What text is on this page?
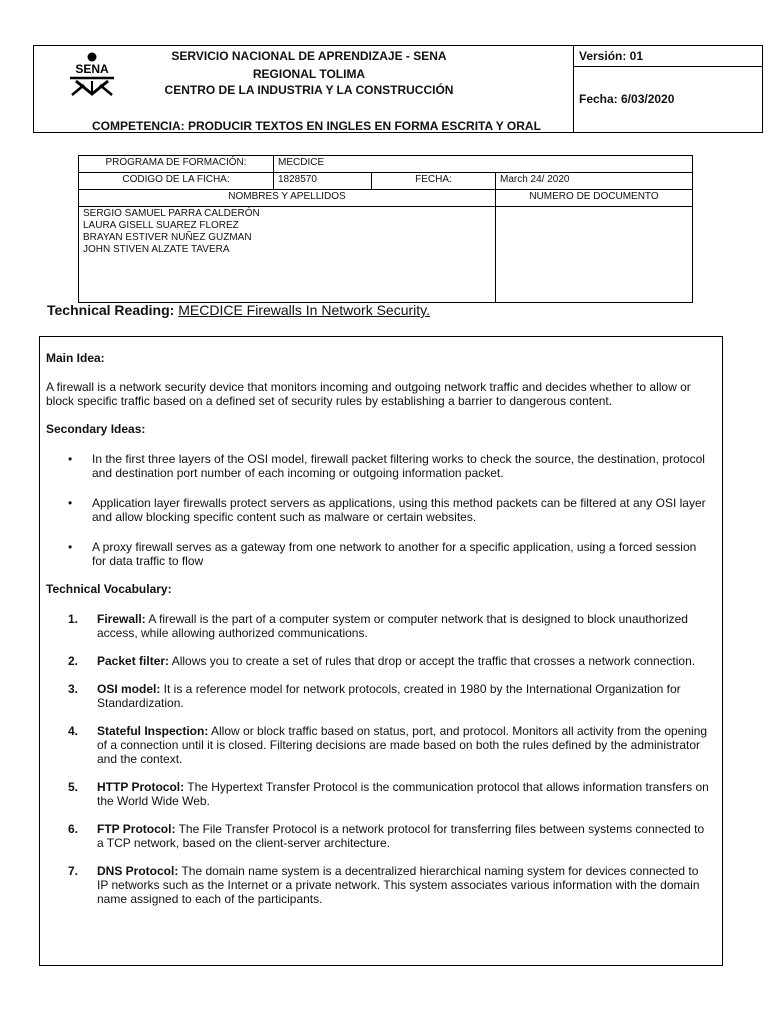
SENA
SERVICIO NACIONAL DE APRENDIZAJE - SENA
REGIONAL TOLIMA
CENTRO DE LA INDUSTRIA Y LA CONSTRUCCIÓN
COMPETENCIA: PRODUCIR TEXTOS EN INGLES EN FORMA ESCRITA Y ORAL
Versión: 01
Fecha: 6/03/2020
PROGRAMA DE FORMACIÓN:	MECDICE		
CODIGO DE LA FICHA:	1828570	FECHA:	March 24/ 2020
NOMBRES Y APELLIDOS			NUMERO DE DOCUMENTO

SERGIO SAMUEL PARRA CALDERÓN
LAURA GISELL SUAREZ FLOREZ
BRAYAN ESTIVER NUÑEZ GUZMAN
JOHN STIVEN ALZATE TAVERA			

Technical Reading: MECDICE Firewalls In Network Security.
Main Idea:

A firewall is a network security device that monitors incoming and outgoing network traffic and decides whether to allow or block specific traffic based on a defined set of security rules by establishing a barrier to dangerous content.

Secondary Ideas:
• In the first three layers of the OSI model, firewall packet filtering works to check the source, the destination, protocol and destination port number of each incoming or outgoing information packet.
• Application layer firewalls protect servers as applications, using this method packets can be filtered at any OSI layer and allow blocking specific content such as malware or certain websites.
• A proxy firewall serves as a gateway from one network to another for a specific application, using a forced session for data traffic to flow
Technical Vocabulary:
1. Firewall: A firewall is the part of a computer system or computer network that is designed to block unauthorized access, while allowing authorized communications.
2. Packet filter: Allows you to create a set of rules that drop or accept the traffic that crosses a network connection.
3. OSI model: It is a reference model for network protocols, created in 1980 by the International Organization for Standardization.
4. Stateful Inspection: Allow or block traffic based on status, port, and protocol. Monitors all activity from the opening of a connection until it is closed. Filtering decisions are made based on both the rules defined by the administrator and the context.
5. HTTP Protocol: The Hypertext Transfer Protocol is the communication protocol that allows information transfers on the World Wide Web.
6. FTP Protocol: The File Transfer Protocol is a network protocol for transferring files between systems connected to a TCP network, based on the client-server architecture.
7. DNS Protocol: The domain name system is a decentralized hierarchical naming system for devices connected to IP networks such as the Internet or a private network. This system associates various information with the domain name assigned to each of the participants.
